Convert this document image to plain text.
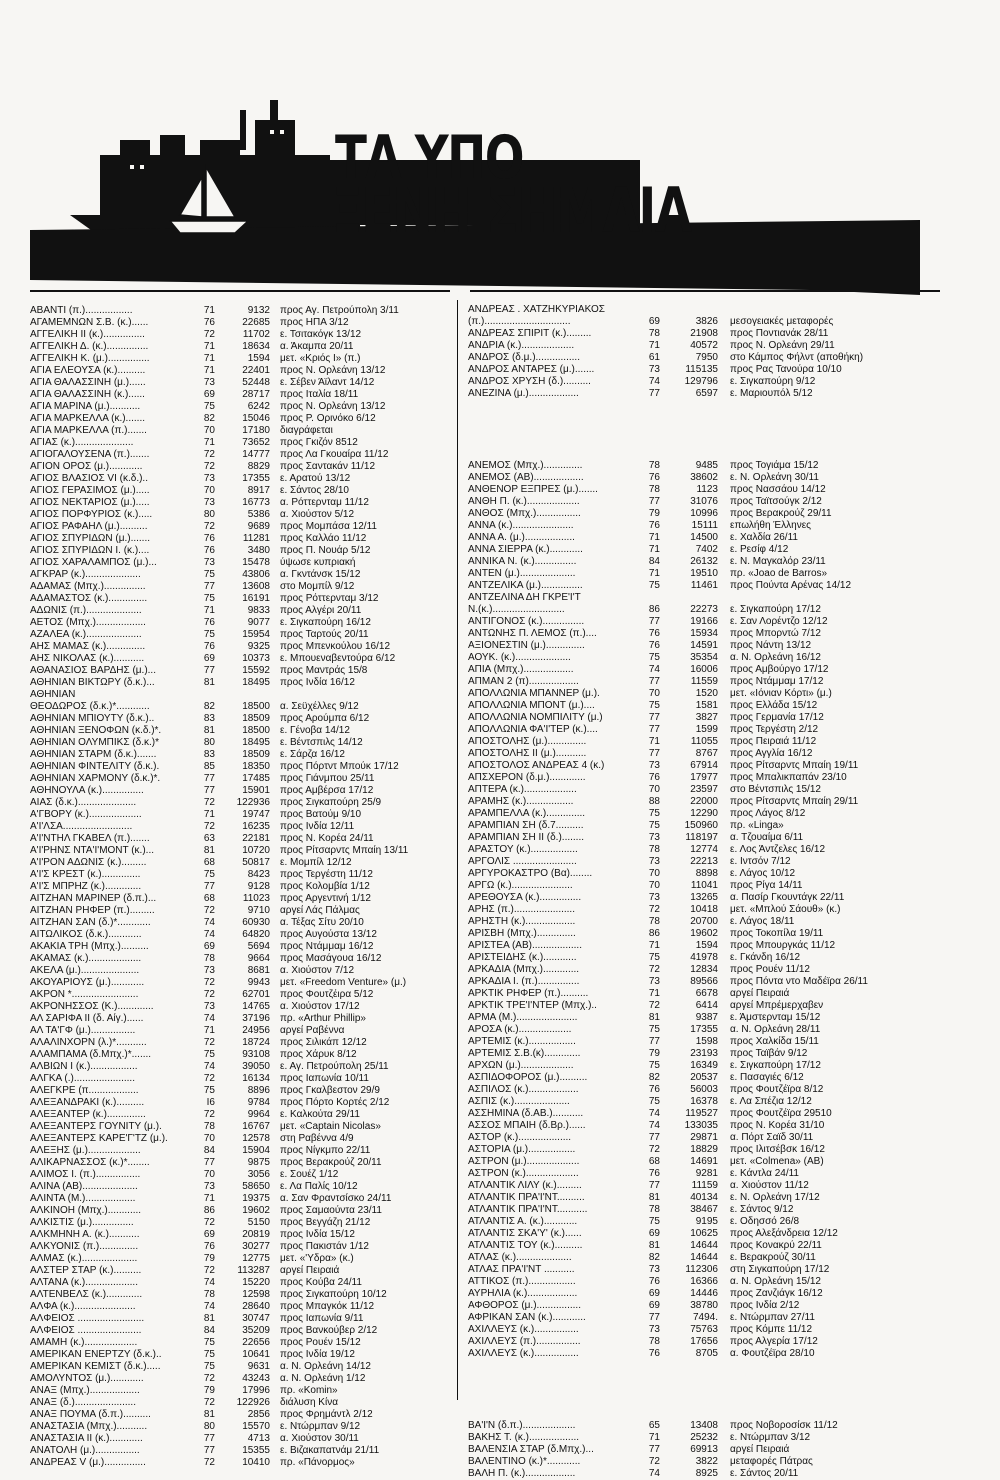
ΤΑ ΥΠΟ
ΞΕΝΗ ΣΗΜΑΙΑ
ΑΒΑΝΤΙ (π.).................	71	9132 προς Αγ. Πετρούπολη 3/11
ΑΓΑΜΕΜΝΩΝ Σ.Β. (κ.)......	76	22685 προς ΗΠΑ 3/12
ΑΓΓΕΛΙΚΗ ΙΙ (κ.)...............	72	11702 ε. Τσιτακόγκ 13/12
ΑΓΓΕΛΙΚΗ Δ. (κ.)...............	71	18634 α. Άκαμπα 20/11
ΑΓΓΕΛΙΚΗ Κ. (μ.)...............	71	1594 μετ. «Κριός Ι» (π.)
ΑΓΙΑ ΕΛΕΟΥΣΑ (κ.)..........	71	22401 προς Ν. Ορλεάνη 13/12
ΑΓΙΑ ΘΑΛΑΣΣΙΝΗ (μ.)......	73	52448 ε. Σέβεν Άϊλαντ 14/12
ΑΓΙΑ ΘΑΛΑΣΣΙΝΗ (κ.)......	69	28717 προς Ιταλία 18/11
ΑΓΙΑ ΜΑΡΙΝΑ (μ.)...........	75	6242 προς Ν. Ορλεάνη 13/12
ΑΓΙΑ ΜΑΡΚΕΛΛΑ (κ.).......	82	15046 προς Ρ. Ορινόκο 6/12
ΑΓΙΑ ΜΑΡΚΕΛΛΑ (π.).......	70	17180 διαγράφεται
ΑΓΙΑΣ (κ.).....................	71	73652 προς Γκιζόν 8512
ΑΓΙΟΓΑΛΟΥΣΕΝΑ (π.).......	72	14777 προς Λα Γκουαίρα 11/12
ΑΓΙΟΝ ΟΡΟΣ (μ.)............	72	8829 προς Σαντακάν 11/12
ΑΓΙΟΣ ΒΛΑΣΙΟΣ VI (κ.δ.)..	73	17355 ε. Αρατού 13/12
ΑΓΙΟΣ ΓΕΡΑΣΙΜΟΣ (μ.).....	70	8917 ε. Σάντος 28/10
ΑΓΙΟΣ ΝΕΚΤΑΡΙΟΣ (μ.).....	73	16773 α. Ρόττερνταμ 11/12
ΑΓΙΟΣ ΠΟΡΦΥΡΙΟΣ (κ.).....	80	5386 α. Χιούστον 5/12
ΑΓΙΟΣ ΡΑΦΑΗΛ (μ.)..........	72	9689 προς Μομπάσα 12/11
ΑΓΙΟΣ ΣΠΥΡΙΔΩΝ (μ.).......	76	11281 προς Καλλάο 11/12
ΑΓΙΟΣ ΣΠΥΡΙΔΩΝ Ι. (κ.)....	76	3480 προς Π. Νουάρ 5/12
ΑΓΙΟΣ ΧΑΡΑΛΑΜΠΟΣ (μ.)...	73	15478 ύψωσε κυπριακή
ΑΓΚΡΑΡ (κ.)....................	75	43806 α. Γκντάνσκ 15/12
ΑΔΑΜΑΣ (Μπχ.)...............	77	13608 στο Μομπίλ 9/12
ΑΔΑΜΑΣΤΟΣ (κ.)..............	75	16191 προς Ρόττερνταμ 3/12
ΑΔΩΝΙΣ (π.)....................	71	9833 προς Αλγέρι 20/11
ΑΕΤΟΣ (Μπχ.)..................	76	9077 ε. Σιγκαπούρη 16/12
ΑΖΑΛΕΑ (κ.)....................	75	15954 προς Ταρτούς 20/11
ΑΗΣ ΜΑΜΑΣ (κ.)..............	76	9325 προς Μπενκούλου 16/12
ΑΗΣ ΝΙΚΟΛΑΣ (κ.)...........	69	10373 ε. Μπουεναβεντούρα 6/12
ΑΘΑΝΑΣΙΟΣ ΒΑΡΔΗΣ (μ.)...	77	15592 προς Μαντράς 15/8
ΑΘΗΝΙΑΝ ΒΙΚΤΩΡΥ (δ.κ.)...	81	18495 προς Ινδία 16/12
ΑΘΗΝΙΑΝ
ΘΕΟΔΩΡΟΣ (δ.κ.)*............	82	18500 α. Σεϋχέλλες 9/12
ΑΘΗΝΙΑΝ ΜΠΙΟΥΤΥ (δ.κ.)..	83	18509 προς Αρούμπα 6/12
ΑΘΗΝΙΑΝ ΞΕΝΟΦΩΝ (κ.δ.)*.	81	18500 ε. Γένοβα 14/12
ΑΘΗΝΙΑΝ ΟΛΥΜΠΙΚΣ (δ.κ.)*	80	18495 ε. Βέντσπιλς 14/12
ΑΘΗΝΙΑΝ ΣΤΑΡΜ (δ.κ.).......	83	18509 ε. Σάρζα 16/12
ΑΘΗΝΙΑΝ ΦΙΝΤΕΛΙΤΥ (δ.κ.).	85	18350 προς Πόρτντ Μπούκ 17/12
ΑΘΗΝΙΑΝ ΧΑΡΜΟΝΥ (δ.κ.)*.	77	17485 προς Γιάνμπου 25/11
ΑΘΗΝΟΥΛΑ (κ.)...............	77	15901 προς Αμβέρσα 17/12
ΑΙΑΣ (δ.κ.).....................	72	122936 προς Σιγκαπούρη 25/9
Α'ΓΒΟΡΥ (κ.)...................	71	19747 προς Βατούμ 9/10
Α'Ι'ΛΣΑ.........................	72	16235 προς Ινδία 12/11
Α'Ι'ΝΤΗΛ ΓΚΑΒΕΛ (π.).......	63	22181 προς Ν. Κορέα 24/11
Α'Ι'ΡΗΝΣ ΝΤΑ'Ι'ΜΟΝΤ (κ.)...	81	10720 προς Ρίτσαρντς Μπαίη 13/11
Α'Ι'ΡΟΝ ΑΔΩΝΙΣ (κ.).........	68	50817 ε. Μομπίλ 12/12
Α'Ι'Σ ΚΡΕΣΤ (κ.)..............	75	8423 προς Τεργέστη 11/12
Α'Ι'Σ ΜΠΡΗΖ (κ.).............	77	9128 προς Κολομβία 1/12
ΑΙΤΖΗΑΝ ΜΑΡΙΝΕΡ (δ.π.)...	68	11023 προς Αργεντινή 1/12
ΑΙΤΖΗΑΝ ΡΗΦΕΡ (π.).........	72	9710 αργεί Λάς Πάλμας
ΑΙΤΖΗΑΝ ΣΑΝ (δ.)*............	74	60930 α. Τέξας Σίτυ 20/10
ΑΙΤΩΛΙΚΟΣ (δ.κ.)............	74	64820 προς Αυγούστα 13/12
ΑΚΑΚΙΑ ΤΡΗ (Μπχ.)..........	69	5694 προς Ντάμμαμ 16/12
ΑΚΑΜΑΣ (κ.)...................	78	9664 προς Μασάγουα 16/12
ΑΚΕΛΑ (μ.).....................	73	8681 α. Χιούστον 7/12
ΑΚΟΥΑΡΙΟΥΣ (μ.)............	72	9943 μετ. «Freedom Venture» (μ.)
ΑΚΡΟΝ *........................	72	62701 προς Φουτζέιρα 5/12
ΑΚΡΟΝΗΣΣΟΣ (Κ.).............	73	14765 α. Χιούστον 17/12
ΑΛ ΣΑΡΙΦΑ ΙΙ (δ. Αίγ.)......	74	37196 πρ. «Arthur Phillip»
ΑΛ ΤΑ'ΓΦ (μ.)................	71	24956 αργεί Ραβέννα
ΑΛΑΛΙΝΧΟΡΝ (λ.)*...........	72	18724 προς Σιλικάπ 12/12
ΑΛΑΜΠΑΜΑ (δ.Μπχ.)*.......	75	93108 προς Χάρυκ 8/12
ΑΛΒΙΩΝ Ι (κ.).................	74	39050 ε. Αγ. Πετρούπολη 25/11
ΑΛΓΚΑ (.)......................	72	16134 προς Ιαπωνία 10/11
ΑΛΕΓΚΡΕ (π..................	75	8896 προς Γκαλβεστον 29/9
ΑΛΕΞΑΝΔΡΑΚΙ (κ.)..........	I6	9784 προς Πόρτο Κορτές 2/12
ΑΛΕΞΑΝΤΕΡ (κ.)..............	72	9964 ε. Καλκούτα 29/11
ΑΛΕΞΑΝΤΕΡΣ ΓΟΥΝΙΤΥ (μ.).	78	16767 μετ. «Captain Nicolas»
ΑΛΕΞΑΝΤΕΡΣ ΚΑΡΕ'Γ'ΤΖ (μ.).	70	12578 στη Ραβέννα 4/9
ΑΛΕΞΗΣ (μ.)...................	84	15904 προς Νίγκμπο 22/11
ΑΛΙΚΑΡΝΑΣΣΟΣ (κ.)*........	77	9875 προς Βερακρούζ 20/11
ΑΛΙΜΟΣ Ι. (π.)................	70	3056 ε. Σουέζ 1/12
ΑΛΙΝΑ (ΑΒ)....................	73	58650 ε. Λα Παλίς 10/12
ΑΛΙΝΤΑ (Μ.)..................	71	19375 α. Σαν Φραντσίσκο 24/11
ΑΛΚΙΝΟΗ (Μπχ.)............	86	19602 προς Σαμαούντα 23/11
ΑΛΚΙΣΤΙΣ (μ.)...............	72	5150 προς Βεγγάζη 21/12
ΑΛΚΜΗΝΗ Α. (κ.)...........	69	20819 προς Ινδία 15/12
ΑΛΚΥΟΝΙΣ (π.)..............	76	30277 προς Πακιστάν 1/12
ΑΛΜΑΣ (κ.)....................	79	12775 μετ. «'Υδρα» (κ.)
ΑΛΣΤΕΡ ΣΤΑΡ (κ.)..........	72	113287 αργεί Πειραιά
ΑΛΤΑΝΑ (κ.)...................	74	15220 προς Κούβα 24/11
ΑΛΤΕΝΒΕΛΣ (κ.).............	78	12598 προς Σιγκαπούρη 10/12
ΑΛΦΑ (κ.)......................	74	28640 προς Μπαγκόκ 11/12
ΑΛΦΕΙΟΣ ........................	81	30747 προς Ιαπωνία 9/11
ΑΛΦΕΙΟΣ .......................	84	35209 προς Βανκούβερ 2/12
ΑΜΑΜΗ (κ.)...................	75	22656 προς Ρουέν 15/12
ΑΜΕΡΙΚΑΝ ΕΝΕΡΤΖΥ (δ.κ.)..	75	10641 προς Ινδία 19/12
ΑΜΕΡΙΚΑΝ ΚΕΜΙΣΤ (δ.κ.).....	75	9631 α. Ν. Ορλεάνη 14/12
ΑΜΟΛΥΝΤΟΣ (μ.)............	72	43243 α. Ν. Ορλεάνη 1/12
ΑΝΑΞ (Μπχ.)..................	79	17996 πρ. «Komin»
ΑΝΑΞ (δ.)......................	72	122926 διάλυση Κίνα
ΑΝΑΞ ΠΟΥΜΑ (δ.π.)..........	81	2856 προς Φρημάντλ 2/12
ΑΝΑΣΤΑΣΙΑ (Μπχ.)...........	80	15570 ε. Ντώρμπαν 9/12
ΑΝΑΣΤΑΣΙΑ ΙΙ (κ.)............	77	4713 α. Χιούστον 30/11
ΑΝΑΤΟΛΗ (μ.)................	77	15355 ε. Βιζακαπατνάμ 21/11
ΑΝΔΡΕΑΣ V (μ.)...............	72	10410 πρ. «Πάνορμος»
ΑΝΔΡΕΑΣ . ΧΑΤΖΗΚΥΡΙΑΚΟΣ
(π.)...............................	69	3826 μεσογειακές μεταφορές
ΑΝΔΡΕΑΣ ΣΠΙΡΙΤ (κ.).........	78	21908 προς Ποντιανάκ 28/11
ΑΝΔΡΙΑ (κ.)...................	71	40572 προς Ν. Ορλεάνη 29/11
ΑΝΔΡΟΣ (δ.μ.)................	61	7950 στο Κάμπος Φήλντ (αποθήκη)
ΑΝΔΡΟΣ ΑΝΤΑΡΕΣ (μ.).......	73	115135 προς Ρας Τανούρα 10/10
ΑΝΔΡΟΣ ΧΡΥΣΗ (δ.)..........	74	129796 ε. Σιγκαπούρη 9/12
ΑΝΕΖΙΝΑ (μ.)..................	77	6597 ε. Μαριουπόλ 5/12
ΑΝΕΜΟΣ (Μπχ.)..............	78	9485 προς Τογιάμα 15/12
ΑΝΕΜΟΣ (ΑΒ)..................	76	38602 ε. Ν. Ορλεάνη 30/11
ΑΝΘΕΝΟΡ ΕΞΠΡΕΣ (μ.).......	78	1123 προς Νασσάου 14/12
ΑΝΘΗ Π. (κ.)...................	77	31076 προς Ταϊτσούγκ 2/12
ΑΝΘΟΣ (Μπχ.)................	79	10996 προς Βερακρούζ 29/11
ΑΝΝΑ (κ.)......................	76	15111 επωλήθη Έλληνες
ΑΝΝΑ Α. (μ.)..................	71	14500 ε. Χαλδία 26/11
ΑΝΝΑ ΣΙΕΡΡΑ (κ.)............	71	7402 ε. Ρεσίφ 4/12
ΑΝΝΙΚΑ Ν. (κ.)...............	84	26132 ε. Ν. Μαγκαλόρ 23/11
ΑΝΤΕΝ (μ.)....................	71	19510 πρ. «Joao de Barros»
ΑΝΤΖΕΛΙΚΑ (μ.)...............	75	11461 προς Πούντα Αρένας 14/12
ΑΝΤΖΕΛΙΝΑ ΔΗ ΓΚΡΕ'Ι'Τ
Ν.(κ.)..........................	86	22273 ε. Σιγκαπούρη 17/12
ΑΝΤΙΓΟΝΟΣ (κ.)...............	77	19166 ε. Σαν Λορέντζο 12/12
ΑΝΤΩΝΗΣ Π. ΛΕΜΟΣ (π.)....	76	15934 προς Μπορντώ 7/12
ΑΞΙΟΝΕΣΤΙΝ (μ.)..............	76	14591 προς Νάντη 13/12
ΑΟΥΚ. (κ.)....................	75	35354 α. Ν. Ορλεάνη 16/12
ΑΠΙΑ (Μπχ.)..................	74	16006 προς Αμβούργο 17/12
ΑΠΜΑΝ 2 (π)..................	77	11559 προς Ντάμμαμ 17/12
ΑΠΟΛΛΩΝΙΑ ΜΠΑΝΝΕΡ (μ.).	70	1520 μετ. «Ιόνιαν Κόρτι» (μ.)
ΑΠΟΛΛΩΝΙΑ ΜΠΟΝΤ (μ.)....	75	1581 προς Ελλάδα 15/12
ΑΠΟΛΛΩΝΙΑ ΝΟΜΠΙΛΙΤΥ (μ.)	77	3827 προς Γερμανία 17/12
ΑΠΟΛΛΩΝΙΑ ΦΑ'Ι'ΤΕΡ (κ.)....	77	1599 προς Τεργέστη 2/12
ΑΠΟΣΤΟΛΗΣ (μ.)..............	71	11055 προς Πειραιά 11/12
ΑΠΟΣΤΟΛΗΣ ΙΙ (μ.)...........	77	8767 προς Αγγλία 16/12
ΑΠΟΣΤΟΛΟΣ ΑΝΔΡΕΑΣ 4 (κ.)	73	67914 προς Ρίτσαρντς Μπαίη 19/11
ΑΠΣΧΕΡΟΝ (δ.μ.).............	76	17977 προς Μπαλικπαπάν 23/10
ΑΠΤΕΡΑ (κ.)...................	70	23597 στο Βέντσπιλς 15/12
ΑΡΑΜΗΣ (κ.).................	88	22000 προς Ρίτσαρντς Μπαίη 29/11
ΑΡΑΜΠΕΛΛΑ (κ.)..............	75	12290 προς Λάγος 8/12
ΑΡΑΜΠΙΑΝ ΣΗ (δ.7..........	75	150960 πρ. «Linga»
ΑΡΑΜΠΙΑΝ ΣΗ ΙΙ (δ.)........	73	118197 α. Τζουαίμα 6/11
ΑΡΑΣΤΟΥ (κ.).................	78	12774 ε. Λος Άντζελες 16/12
ΑΡΓΟΛΙΣ .......................	73	22213 ε. Ιντσόν 7/12
ΑΡΓΥΡΟΚΑΣΤΡΟ (Βα)........	70	8898 ε. Λάγος 10/12
ΑΡΓΩ (κ.)......................	70	11041 προς Ρίγα 14/11
ΑΡΕΘΟΥΣΑ (κ.)...............	73	13265 α. Πασίρ Γκουντάγκ 22/11
ΑΡΗΣ (π.)......................	72	10418 μετ. «Μπλού Σάουθ» (κ.)
ΑΡΗΣΤΗ (κ.)..................	78	20700 ε. Λάγος 18/11
ΑΡΙΣΒΗ (Μπχ.)..............	86	19602 προς Τοκοπίλα 19/11
ΑΡΙΣΤΕΑ (ΑΒ)..................	71	1594 προς Μπουργκάς 11/12
ΑΡΙΣΤΕΙΔΗΣ (κ.)............	75	41978 ε. Γκάνδη 16/12
ΑΡΚΑΔΙΑ (Μπχ.).............	72	12834 προς Ρουέν 11/12
ΑΡΚΑΔΙΑ Ι. (π.)...............	73	89566 προς Πόντα ντο Μαδέϊρα 26/11
ΑΡΚΤΙΚ ΡΗΦΕΡ (π.)..........	71	6678 αργεί Πειραιά
ΑΡΚΤΙΚ ΤΡΕ'Ι'ΝΤΕΡ (Μπχ.)..	72	6414 αργεί Μπρέμερχαβεν
ΑΡΜΑ (Μ.)......................	81	9387 ε. Άμστερνταμ 15/12
ΑΡΟΣΑ (κ.)...................	75	17355 α. Ν. Ορλεάνη 28/11
ΑΡΤΕΜΙΣ (κ.).................	77	1598 προς Χαλκίδα 15/11
ΑΡΤΕΜΙΣ Σ.Β.(κ).............	79	23193 προς Ταϊβάν 9/12
ΑΡΧΩΝ (μ.)...................	75	16349 ε. Σιγκαπούρη 17/12
ΑΣΠΙΔΟΦΟΡΟΣ (μ.)..........	82	20537 ε. Πασαγιές 6/12
ΑΣΠΙΛΟΣ (κ.)..................	76	56003 προς Φουτζέϊρα 8/12
ΑΣΠΙΣ (κ.)....................	75	16378 ε. Λα Σπέζια 12/12
ΑΣΣΗΜΙΝΑ (δ.ΑΒ.)...........	74	119527 προς Φουτζέϊρα 29510
ΑΣΣΟΣ ΜΠΑΙΗ (δ.Βρ.)......	74	133035 προς Ν. Κορέα 31/10
ΑΣΤΟΡ (κ.)...................	77	29871 α. Πόρτ Σαϊδ 30/11
ΑΣΤΟΡΙΑ (μ.).................	72	18829 προς Ιλιτσέβσκ 16/12
ΑΣΤΡΟΝ (μ.)...................	68	14691 μετ. «Colmena» (ΑΒ)
ΑΣΤΡΟΝ (κ.)...................	76	9281 ε. Κάντλα 24/11
ΑΤΛΑΝΤΙΚ ΛΙΛΥ (κ.).........	77	11159 α. Χιούστον 11/12
ΑΤΛΑΝΤΙΚ ΠΡΑ'Ι'ΝΤ..........	81	40134 ε. Ν. Ορλεάνη 17/12
ΑΤΛΑΝΤΙΚ ΠΡΑ'Ι'ΝΤ...........	78	38467 ε. Σάντος 9/12
ΑΤΛΑΝΤΙΣ Α. (κ.)............	75	9195 ε. Οδησσό 26/8
ΑΤΛΑΝΤΙΣ ΣΚΑ'Υ' (κ.)......	69	10625 προς Αλεξάνδρεια 12/12
ΑΤΛΑΝΤΙΣ ΤΟΥ (κ.)..........	81	14644 προς Κονακρύ 22/11
ΑΤΛΑΣ (κ.)....................	82	14644 ε. Βερακρούζ 30/11
ΑΤΛΑΣ ΠΡΑ'Ι'ΝΤ ...........	73	112306 στη Σιγκαπούρη 17/12
ΑΤΤΙΚΟΣ (π.).................	76	16366 α. Ν. Ορλεάνη 15/12
ΑΥΡΗΛΙΑ (κ.)..................	69	14446 προς Ζανζιάγκ 16/12
ΑΦΘΟΡΟΣ (μ.)................	69	38780 προς Ινδία 2/12
ΑΦΡΙΚΑΝ ΣΑΝ (κ.)............	77	7494. ε. Ντώρμπαν 27/11
ΑΧΙΛΛΕΥΣ (κ.)................	73	75763 προς Κόμπε 11/12
ΑΧΙΛΛΕΥΣ (π.)................	78	17656 προς Αλγερία 17/12
ΑΧΙΛΛΕΥΣ (κ.)................	76	8705 α. Φουτζέϊρα 28/10
ΒΑ'Ι'Ν (δ.π.)...................	65	13408 προς Νοβοροσίσκ 11/12
ΒΑΚΗΣ Τ. (κ.)..................	71	25232 ε. Ντώρμπαν 3/12
ΒΑΛΕΝΣΙΑ ΣΤΑΡ (δ.Μπχ.)...	77	69913 αργεί Πειραιά
ΒΑΛΕΝΤΙΝΟ (κ.)*............	72	3822 μεταφορές Πάτρας
ΒΑΛΗ Π. (κ.)..................	74	8925 ε. Σάντος 20/11
